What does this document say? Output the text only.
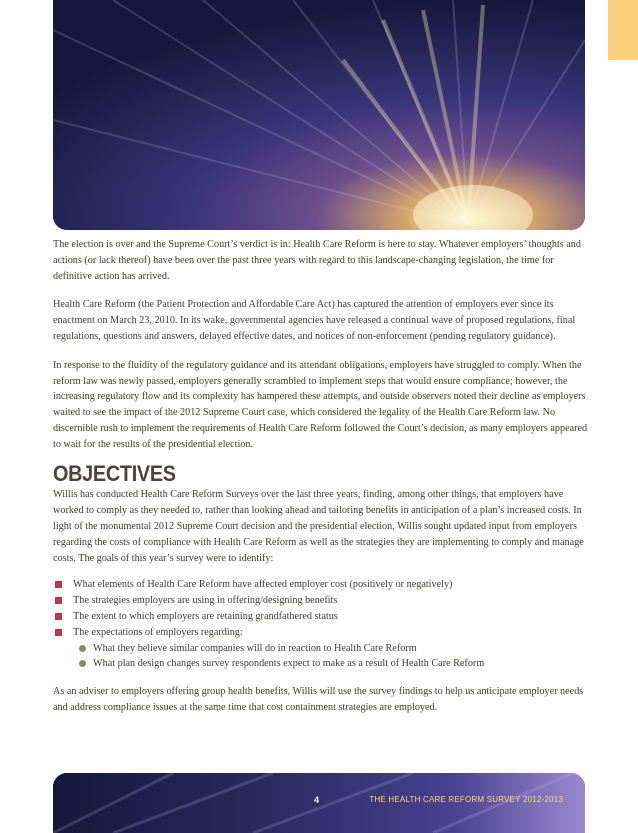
The election is over and the Supreme Court’s verdict is in: Health Care Reform is here to stay. Whatever employers’ thoughts and actions (or lack thereof) have been over the past three years with regard to this landscape-changing legislation, the time for definitive action has arrived.

Health Care Reform (the Patient Protection and Affordable Care Act) has captured the attention of employers ever since its enactment on March 23, 2010. In its wake, governmental agencies have released a continual wave of proposed regulations, final regulations, questions and answers, delayed effective dates, and notices of non-enforcement (pending regulatory guidance).

In response to the fluidity of the regulatory guidance and its attendant obligations, employers have struggled to comply. When the reform law was newly passed, employers generally scrambled to implement steps that would ensure compliance; however, the increasing regulatory flow and its complexity has hampered these attempts, and outside observers noted their decline as employers waited to see the impact of the 2012 Supreme Court case, which considered the legality of the Health Care Reform law. No discernible rush to implement the requirements of Health Care Reform followed the Court’s decision, as many employers appeared to wait for the results of the presidential election.

OBJECTIVES

Willis has conducted Health Care Reform Surveys over the last three years, finding, among other things, that employers have worked to comply as they needed to, rather than looking ahead and tailoring benefits in anticipation of a plan’s increased costs. In light of the monumental 2012 Supreme Court decision and the presidential election, Willis sought updated input from employers regarding the costs of compliance with Health Care Reform as well as the strategies they are implementing to comply and manage costs. The goals of this year’s survey were to identify:

What elements of Health Care Reform have affected employer cost (positively or negatively)
The strategies employers are using in offering/designing benefits
The extent to which employers are retaining grandfathered status
The expectations of employers regarding:
What they believe similar companies will do in reaction to Health Care Reform
What plan design changes survey respondents expect to make as a result of Health Care Reform

As an adviser to employers offering group health benefits, Willis will use the survey findings to help us anticipate employer needs and address compliance issues at the same time that cost containment strategies are employed.

4	THE HEALTH CARE REFORM SURVEY 2012-2013
